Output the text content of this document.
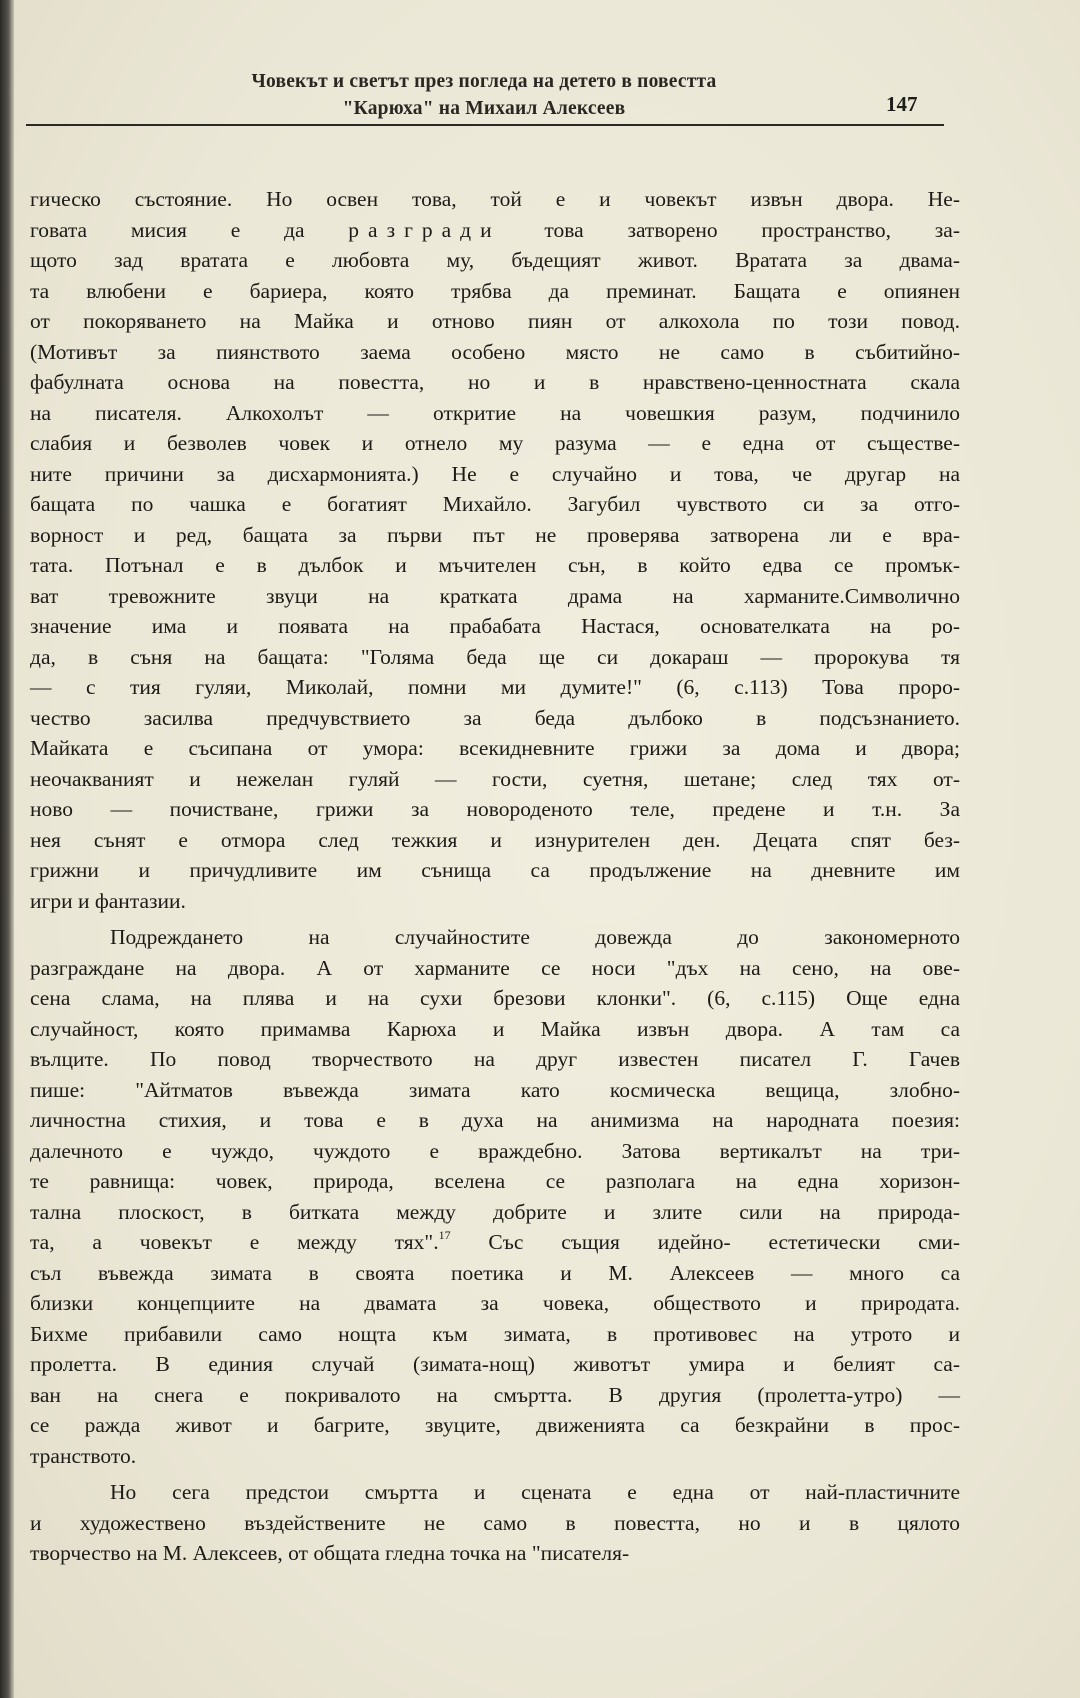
Човекът и светът през погледа на детето в повестта
"Карюха" на Михаил Алексеев	147

гическо състояние. Но освен това, той е и човекът извън двора. Не-
говата мисия е да разгради това затворено пространство, за-
щото зад вратата е любовта му, бъдещият живот. Вратата за двама-
та влюбени е бариера, която трябва да преминат. Бащата е опиянен
от покоряването на Майка и отново пиян от алкохола по този повод.
(Мотивът за пиянството заема особено място не само в събитийно-
фабулната основа на повестта, но и в нравствено-ценностната скала
на писателя. Алкохолът — откритие на човешкия разум, подчинило
слабия и безволев човек и отнело му разума — е една от съществе-
ните причини за дисхармонията.) Не е случайно и това, че другар на
бащата по чашка е богатият Михайло. Загубил чувството си за отго-
ворност и ред, бащата за първи път не проверява затворена ли е вра-
тата. Потънал е в дълбок и мъчителен сън, в който едва се промък-
ват тревожните звуци на кратката драма на харманите.Символично
значение има и появата на прабабата Настася, основателката на ро-
да, в съня на бащата: "Голяма беда ще си докараш — пророкува тя
— с тия гуляи, Миколай, помни ми думите!" (6, с.113) Това проро-
чество засилва предчувствието за беда дълбоко в подсъзнанието.
Майката е съсипана от умора: всекидневните грижи за дома и двора;
неочакваният и нежелан гуляй — гости, суетня, шетане; след тях от-
ново — почистване, грижи за новороденото теле, предене и т.н. За
нея сънят е отмора след тежкия и изнурителен ден. Децата спят без-
грижни и причудливите им сънища са продължение на дневните им
игри и фантазии.

Подреждането на случайностите довежда до закономерното
разграждане на двора. А от харманите се носи "дъх на сено, на ове-
сена слама, на плява и на сухи брезови клонки". (6, с.115) Още една
случайност, която примамва Карюха и Майка извън двора. А там са
вълците. По повод творчеството на друг известен писател Г. Гачев
пише: "Айтматов въвежда зимата като космическа вещица, злобно-
личностна стихия, и това е в духа на анимизма на народната поезия:
далечното е чуждо, чуждото е враждебно. Затова вертикалът на три-
те равнища: човек, природа, вселена се разполага на една хоризон-
тална плоскост, в битката между добрите и злите сили на природа-
та, а човекът е между тях".$^{17}$ Със същия идейно- естетически сми-
съл въвежда зимата в своята поетика и М. Алексеев — много са
близки концепциите на двамата за човека, обществото и природата.
Бихме прибавили само нощта към зимата, в противовес на утрото и
пролетта. В единия случай (зимата-нощ) животът умира и белият са-
ван на снега е покривалото на смъртта. В другия (пролетта-утро) —
се ражда живот и багрите, звуците, движенията са безкрайни в прос-
транството.

Но сега предстои смъртта и сцената е една от най-пластичните
и художествено въздействените не само в повестта, но и в цялото
творчество на М. Алексеев, от общата гледна точка на "писателя-
